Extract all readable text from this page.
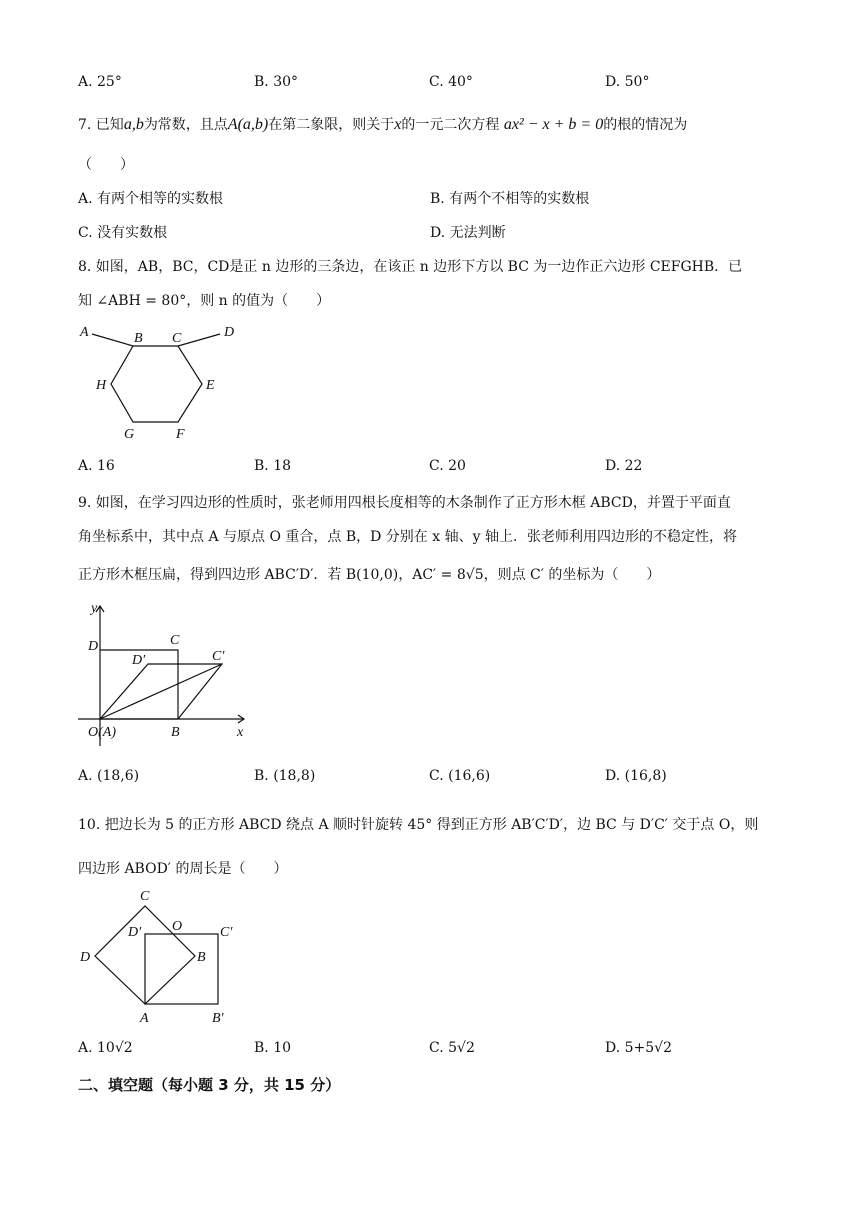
A. 25°	B. 30°	C. 40°	D. 50°
7. 已知a,b为常数，且点A(a,b)在第二象限，则关于x的一元二次方程 ax² − x + b = 0的根的情况为
（　　）
A. 有两个相等的实数根	B. 有两个不相等的实数根
C. 没有实数根	D. 无法判断
8. 如图，AB，BC，CD是正 n 边形的三条边，在该正 n 边形下方以 BC 为一边作正六边形 CEFGHB．已
知 ∠ABH = 80°，则 n 的值为（　　）
A	B C	D
H	E
G	F
A. 16	B. 18	C. 20	D. 22
9. 如图，在学习四边形的性质时，张老师用四根长度相等的木条制作了正方形木框 ABCD，并置于平面直
角坐标系中，其中点 A 与原点 O 重合，点 B，D 分别在 x 轴、y 轴上．张老师利用四边形的不稳定性，将
正方形木框压扁，得到四边形 ABC′D′．若 B(10,0)，AC′ = 8√5，则点 C′ 的坐标为（　　）
y
D	C
D′	C′
O(A)	B	x
A. (18,6)	B. (18,8)	C. (16,6)	D. (16,8)
10. 把边长为 5 的正方形 ABCD 绕点 A 顺时针旋转 45° 得到正方形 AB′C′D′，边 BC 与 D′C′ 交于点 O，则
四边形 ABOD′ 的周长是（　　）
C
D′ O	C′
D	B
A	B′
A. 10√2	B. 10	C. 5√2	D. 5+5√2
二、填空题（每小题 3 分，共 15 分）
